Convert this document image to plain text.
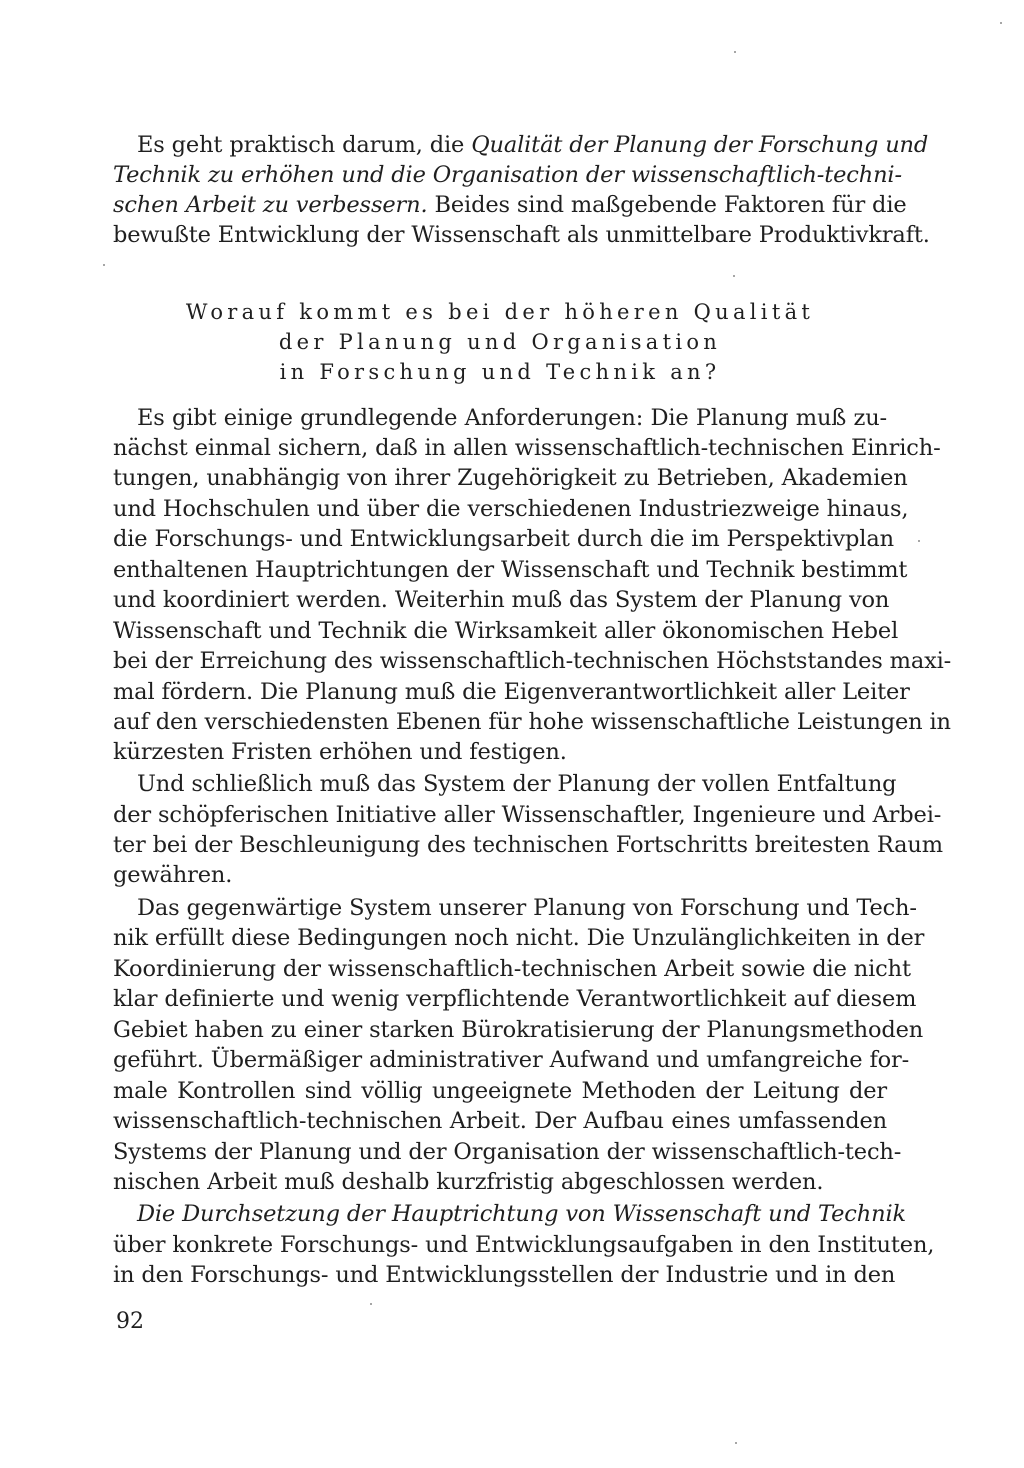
Es geht praktisch darum, die Qualität der Planung der Forschung und
Technik zu erhöhen und die Organisation der wissenschaftlich-techni-
schen Arbeit zu verbessern. Beides sind maßgebende Faktoren für die
bewußte Entwicklung der Wissenschaft als unmittelbare Produktivkraft.
Worauf kommt es bei der höheren Qualität
der Planung und Organisation
in Forschung und Technik an?
Es gibt einige grundlegende Anforderungen: Die Planung muß zu-
nächst einmal sichern, daß in allen wissenschaftlich-technischen Einrich-
tungen, unabhängig von ihrer Zugehörigkeit zu Betrieben, Akademien
und Hochschulen und über die verschiedenen Industriezweige hinaus,
die Forschungs- und Entwicklungsarbeit durch die im Perspektivplan
enthaltenen Hauptrichtungen der Wissenschaft und Technik bestimmt
und koordiniert werden. Weiterhin muß das System der Planung von
Wissenschaft und Technik die Wirksamkeit aller ökonomischen Hebel
bei der Erreichung des wissenschaftlich-technischen Höchststandes maxi-
mal fördern. Die Planung muß die Eigenverantwortlichkeit aller Leiter
auf den verschiedensten Ebenen für hohe wissenschaftliche Leistungen in
kürzesten Fristen erhöhen und festigen.
Und schließlich muß das System der Planung der vollen Entfaltung
der schöpferischen Initiative aller Wissenschaftler, Ingenieure und Arbei-
ter bei der Beschleunigung des technischen Fortschritts breitesten Raum
gewähren.
Das gegenwärtige System unserer Planung von Forschung und Tech-
nik erfüllt diese Bedingungen noch nicht. Die Unzulänglichkeiten in der
Koordinierung der wissenschaftlich-technischen Arbeit sowie die nicht
klar definierte und wenig verpflichtende Verantwortlichkeit auf diesem
Gebiet haben zu einer starken Bürokratisierung der Planungsmethoden
geführt. Übermäßiger administrativer Aufwand und umfangreiche for-
male Kontrollen sind völlig ungeeignete Methoden der Leitung der
wissenschaftlich-technischen Arbeit. Der Aufbau eines umfassenden
Systems der Planung und der Organisation der wissenschaftlich-tech-
nischen Arbeit muß deshalb kurzfristig abgeschlossen werden.
Die Durchsetzung der Hauptrichtung von Wissenschaft und Technik
über konkrete Forschungs- und Entwicklungsaufgaben in den Instituten,
in den Forschungs- und Entwicklungsstellen der Industrie und in den
92
